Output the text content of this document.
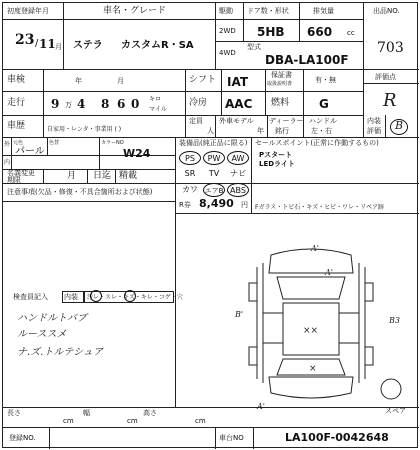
初度登録年月
23 / 11 月
車名・グレード
ステラ カスタムR・SA
駆動
2WD
4WD
ドア数・形状
5HB
排気量
660 cc
型式
DBA-LA100F
出品NO.
703
車検	年	月	シフト IAT	保証書
取扱説明書	有・無	評価点
R
走行 9 万 4 8 6 0 キロ
マイル
冷房 AAC 燃料 G
車歴	自家用・レンタ・事業用 ( )
定員
人
外車モデル
年
ディーラー
銘行
ハンドル
左・右
内装
評価 B
外
内
元色
パール
色替	カラーNO
W24
名義変更
期限	月 日迄 精載
注意事項(欠品・修復・不具合箇所および状態)
装備品(純正品に限る)
PS	PW	AW
SR	TV	ナビ
カワ エアB ABS
R券 8,490 円
セールスポイント(正常に作動するもの)
Pスタート
LEDライト
Fガラス・トビ石・キズ・ヒビ・ワレ・リペア跡
検査員記入 内装 汚レ・スレ・キズ・キレ・コゲ・穴
ハンドルトバブ
ルーススメ
ナ.ズ.トルテシュア
A'
A'
B'
B3
××
×
A'	スペア
長さ
cm
幅
cm
高さ
cm
登録NO.	車台NO	LA100F-0042648
